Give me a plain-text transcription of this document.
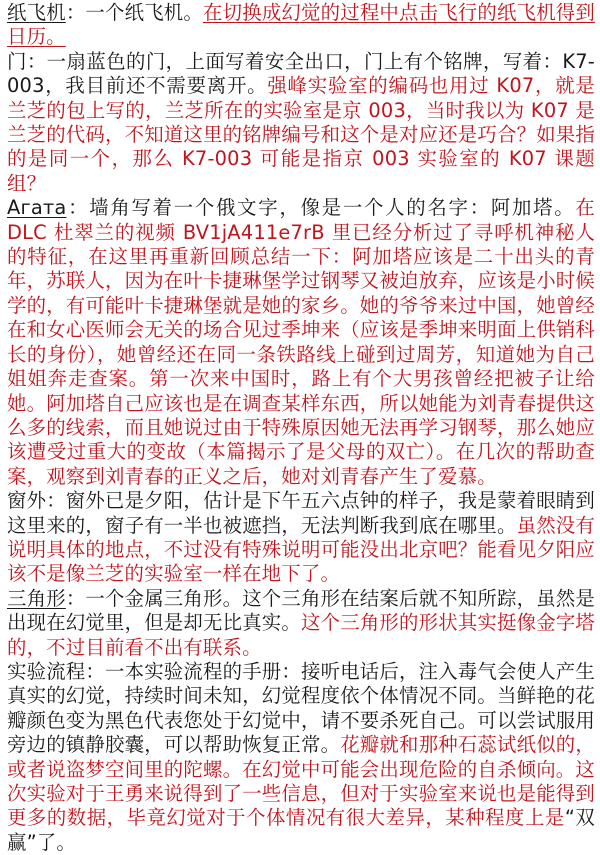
纸飞机：一个纸飞机。在切换成幻觉的过程中点击飞行的纸飞机得到日历。

门：一扇蓝色的门，上面写着安全出口，门上有个铭牌，写着：K7-003，我目前还不需要离开。强峰实验室的编码也用过 K07，就是兰芝的包上写的，兰芝所在的实验室是京 003，当时我以为 K07 是兰芝的代码，不知道这里的铭牌编号和这个是对应还是巧合？如果指的是同一个，那么 K7-003 可能是指京 003 实验室的 K07 课题组？

Агата：墙角写着一个俄文字，像是一个人的名字：阿加塔。在 DLC 杜翠兰的视频 BV1jA411e7rB 里已经分析过了寻呼机神秘人的特征，在这里再重新回顾总结一下：阿加塔应该是二十出头的青年，苏联人，因为在叶卡捷琳堡学过钢琴又被迫放弃，应该是小时候学的，有可能叶卡捷琳堡就是她的家乡。她的爷爷来过中国，她曾经在和女心医师会无关的场合见过季坤来（应该是季坤来明面上供销科长的身份），她曾经还在同一条铁路线上碰到过周芳，知道她为自己姐姐奔走查案。第一次来中国时，路上有个大男孩曾经把被子让给她。阿加塔自己应该也是在调查某样东西，所以她能为刘青春提供这么多的线索，而且她说过由于特殊原因她无法再学习钢琴，那么她应该遭受过重大的变故（本篇揭示了是父母的双亡）。在几次的帮助查案，观察到刘青春的正义之后，她对刘青春产生了爱慕。

窗外：窗外已是夕阳，估计是下午五六点钟的样子，我是蒙着眼睛到这里来的，窗子有一半也被遮挡，无法判断我到底在哪里。虽然没有说明具体的地点，不过没有特殊说明可能没出北京吧？能看见夕阳应该不是像兰芝的实验室一样在地下了。

三角形：一个金属三角形。这个三角形在结案后就不知所踪，虽然是出现在幻觉里，但是却无比真实。这个三角形的形状其实挺像金字塔的，不过目前看不出有联系。

实验流程：一本实验流程的手册：接听电话后，注入毒气会使人产生真实的幻觉，持续时间未知，幻觉程度依个体情况不同。当鲜艳的花瓣颜色变为黑色代表您处于幻觉中，请不要杀死自己。可以尝试服用旁边的镇静胶囊，可以帮助恢复正常。花瓣就和那种石蕊试纸似的，或者说盗梦空间里的陀螺。在幻觉中可能会出现危险的自杀倾向。这次实验对于王勇来说得到了一些信息，但对于实验室来说也是能得到更多的数据，毕竟幻觉对于个体情况有很大差异，某种程度上是“双赢”了。
